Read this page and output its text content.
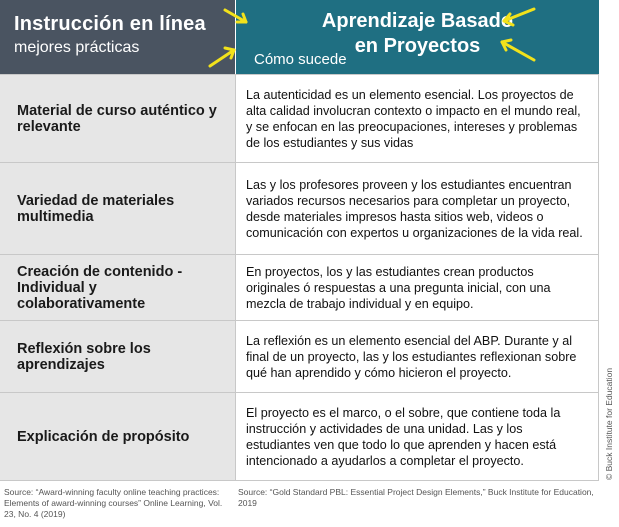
Instrucción en línea
mejores prácticas
Aprendizaje Basado
en Proyectos
Cómo sucede
Material de curso auténtico y relevante
La autenticidad es un elemento esencial. Los proyectos de alta calidad involucran contexto o impacto en el mundo real, y se enfocan en las preocupaciones, intereses y problemas de los estudiantes y sus vidas
Variedad de materiales multimedia
Las y los profesores proveen y los estudiantes encuentran variados recursos necesarios para completar un proyecto, desde materiales impresos hasta sitios web, videos o comunicación con expertos u organizaciones de la vida real.
Creación de contenido - Individual y colaborativamente
En proyectos, los y las estudiantes crean productos originales ó respuestas a una pregunta inicial, con una mezcla de trabajo individual y en equipo.
Reflexión sobre los aprendizajes
La reflexión es un elemento esencial del ABP. Durante y al final de un proyecto, las y los estudiantes reflexionan sobre qué han aprendido y cómo hicieron el proyecto.
Explicación de propósito
El proyecto es el marco, o el sobre, que contiene toda la instrucción y actividades de una unidad. Las y los estudiantes ven que todo lo que aprenden y hacen está intencionado a ayudarlos a completar el proyecto.
Source: “Award-winning faculty online teaching practices: Elements of award-winning courses” Online Learning, Vol. 23, No. 4 (2019)
Source: “Gold Standard PBL: Essential Project Design Elements,” Buck Institute for Education, 2019
© Buck Institute for Education
